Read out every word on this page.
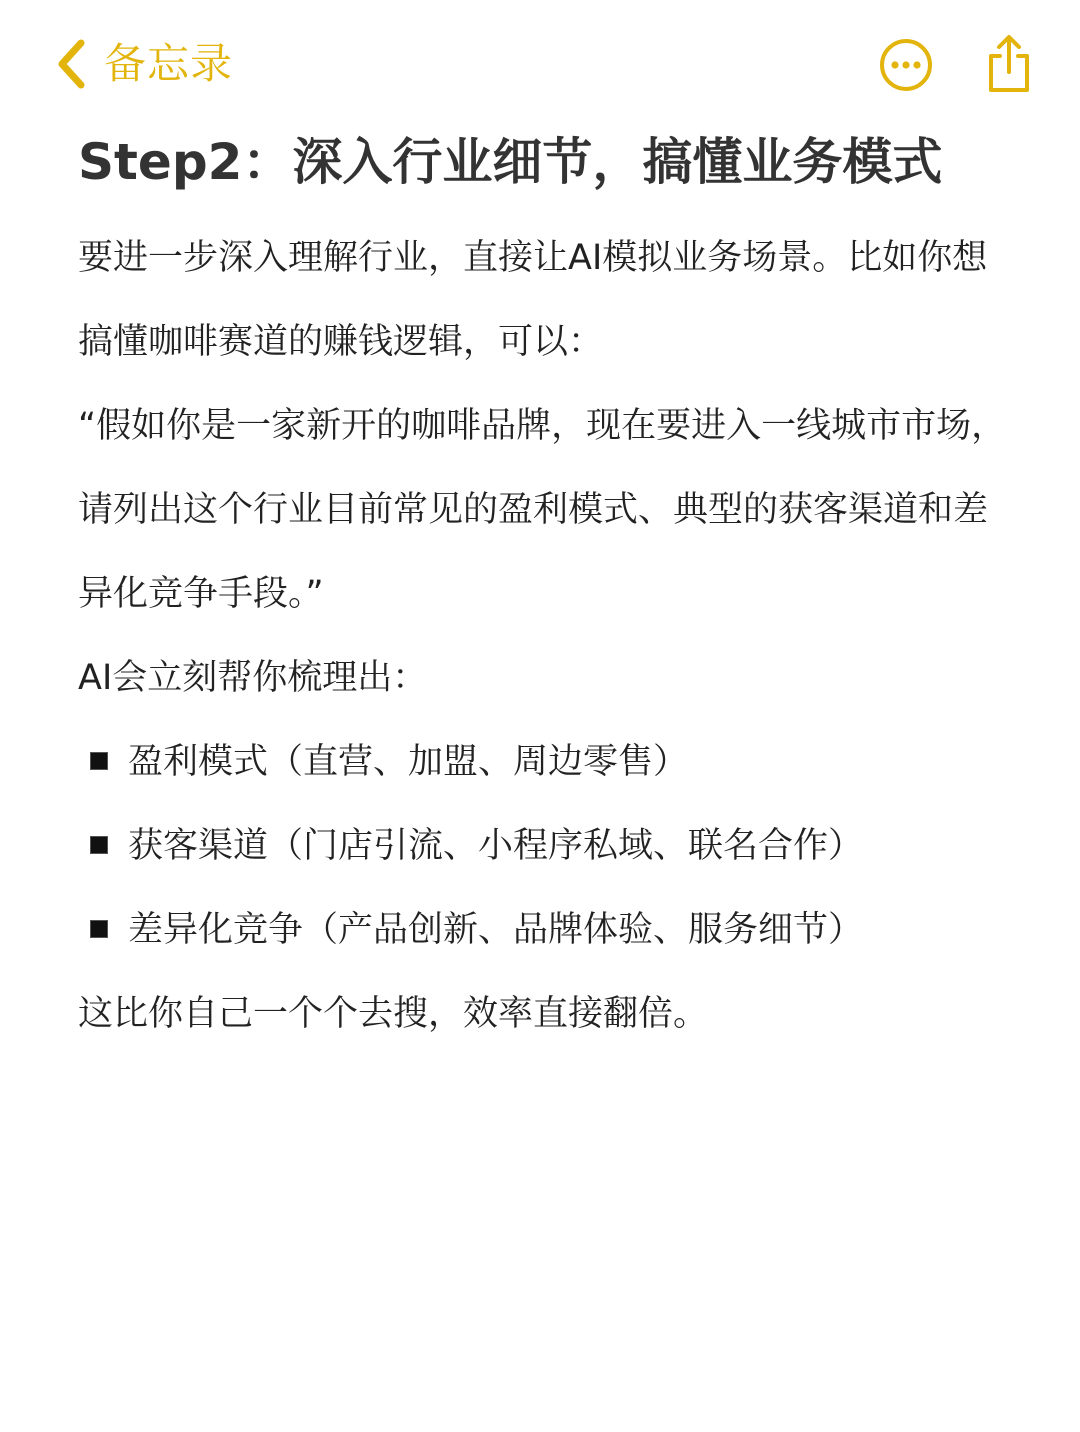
备忘录
Step2：深入行业细节，搞懂业务模式

要进一步深入理解行业，直接让AI模拟业务场景。比如你想搞懂咖啡赛道的赚钱逻辑，可以：

“假如你是一家新开的咖啡品牌，现在要进入一线城市市场，请列出这个行业目前常见的盈利模式、典型的获客渠道和差异化竞争手段。”

AI会立刻帮你梳理出：

盈利模式（直营、加盟、周边零售）
获客渠道（门店引流、小程序私域、联名合作）
差异化竞争（产品创新、品牌体验、服务细节）

这比你自己一个个去搜，效率直接翻倍。
